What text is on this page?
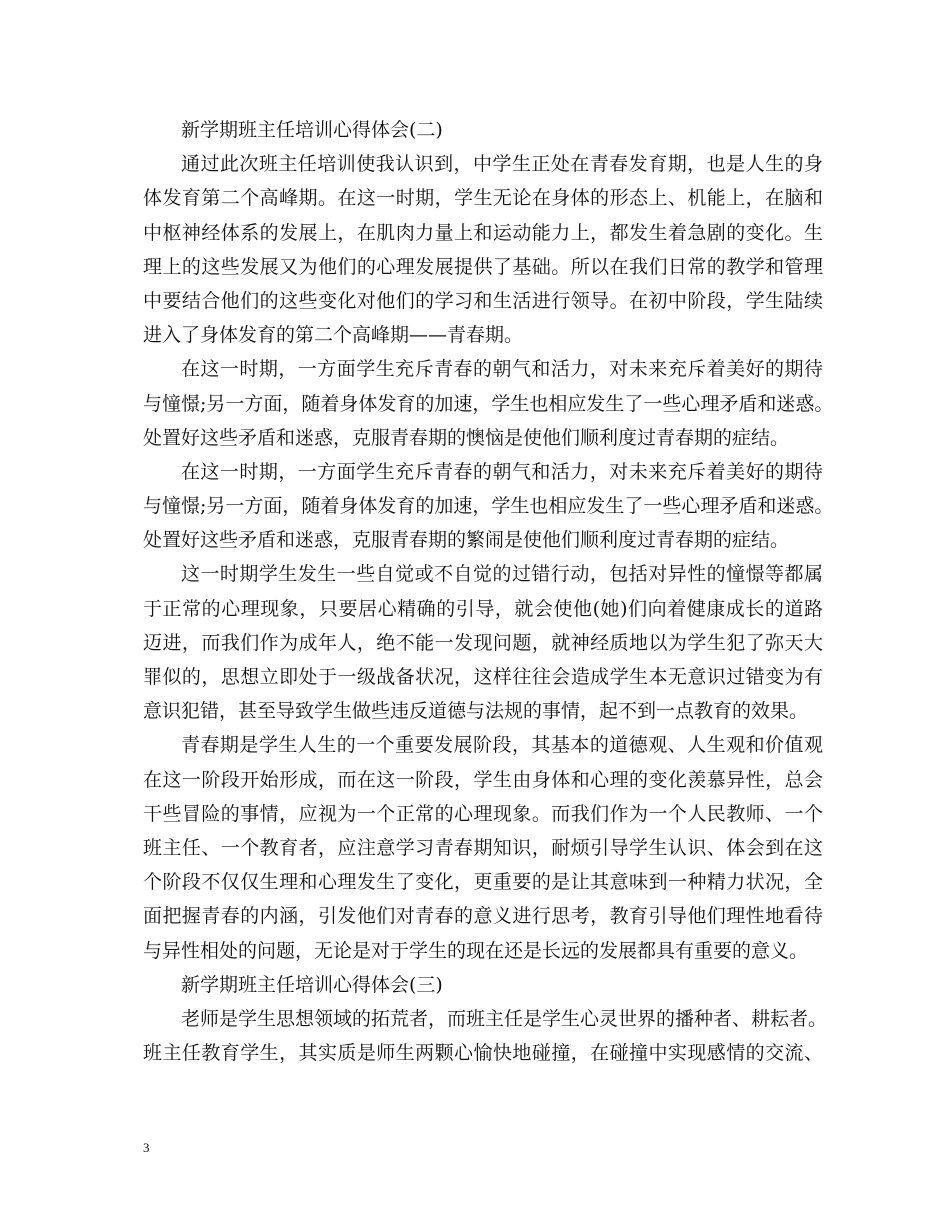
新学期班主任培训心得体会(二)
通过此次班主任培训使我认识到，中学生正处在青春发育期，也是人生的身
体发育第二个高峰期。在这一时期，学生无论在身体的形态上、机能上，在脑和
中枢神经体系的发展上，在肌肉力量上和运动能力上，都发生着急剧的变化。生
理上的这些发展又为他们的心理发展提供了基础。所以在我们日常的教学和管理
中要结合他们的这些变化对他们的学习和生活进行领导。在初中阶段，学生陆续
进入了身体发育的第二个高峰期——青春期。
在这一时期，一方面学生充斥青春的朝气和活力，对未来充斥着美好的期待
与憧憬;另一方面，随着身体发育的加速，学生也相应发生了一些心理矛盾和迷惑。
处置好这些矛盾和迷惑，克服青春期的懊恼是使他们顺利度过青春期的症结。
在这一时期，一方面学生充斥青春的朝气和活力，对未来充斥着美好的期待
与憧憬;另一方面，随着身体发育的加速，学生也相应发生了一些心理矛盾和迷惑。
处置好这些矛盾和迷惑，克服青春期的繁闹是使他们顺利度过青春期的症结。
这一时期学生发生一些自觉或不自觉的过错行动，包括对异性的憧憬等都属
于正常的心理现象，只要居心精确的引导，就会使他(她)们向着健康成长的道路
迈进，而我们作为成年人，绝不能一发现问题，就神经质地以为学生犯了弥天大
罪似的，思想立即处于一级战备状况，这样往往会造成学生本无意识过错变为有
意识犯错，甚至导致学生做些违反道德与法规的事情，起不到一点教育的效果。
青春期是学生人生的一个重要发展阶段，其基本的道德观、人生观和价值观
在这一阶段开始形成，而在这一阶段，学生由身体和心理的变化羡慕异性，总会
干些冒险的事情，应视为一个正常的心理现象。而我们作为一个人民教师、一个
班主任、一个教育者，应注意学习青春期知识，耐烦引导学生认识、体会到在这
个阶段不仅仅生理和心理发生了变化，更重要的是让其意味到一种精力状况，全
面把握青春的内涵，引发他们对青春的意义进行思考，教育引导他们理性地看待
与异性相处的问题，无论是对于学生的现在还是长远的发展都具有重要的意义。
新学期班主任培训心得体会(三)
老师是学生思想领域的拓荒者，而班主任是学生心灵世界的播种者、耕耘者。
班主任教育学生，其实质是师生两颗心愉快地碰撞，在碰撞中实现感情的交流、
3
